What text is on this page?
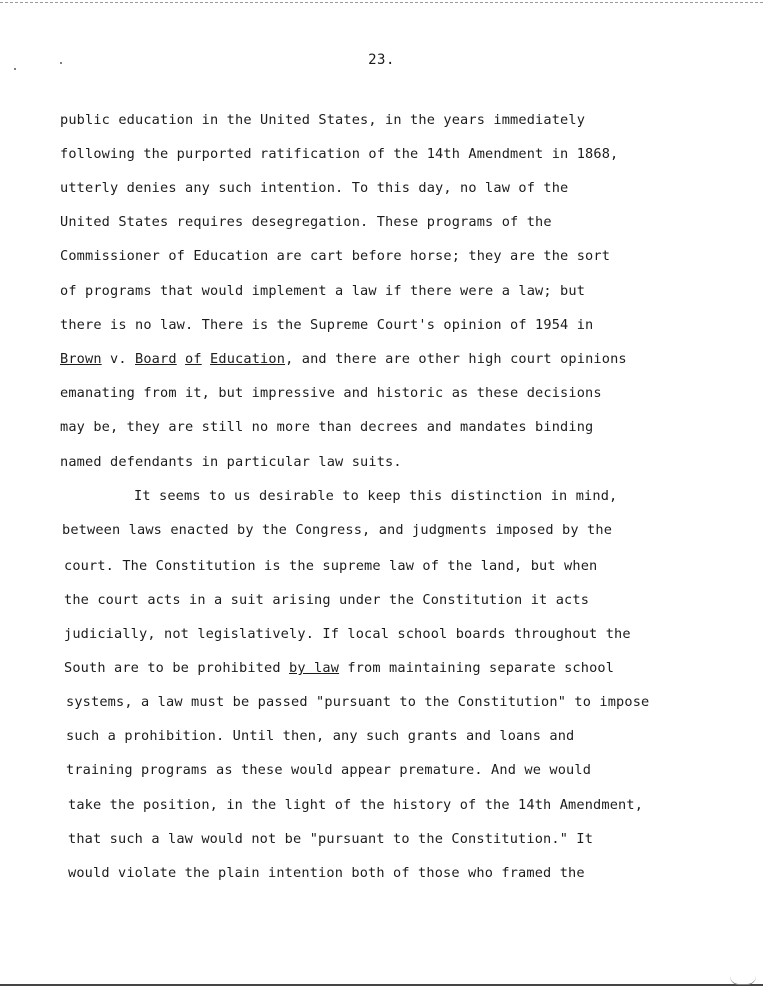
23.
public education in the United States, in the years immediately
following the purported ratification of the 14th Amendment in 1868,
utterly denies any such intention. To this day, no law of the
United States requires desegregation. These programs of the
Commissioner of Education are cart before horse; they are the sort
of programs that would implement a law if there were a law; but
there is no law. There is the Supreme Court's opinion of 1954 in
Brown v. Board of Education, and there are other high court opinions
emanating from it, but impressive and historic as these decisions
may be, they are still no more than decrees and mandates binding
named defendants in particular law suits.
It seems to us desirable to keep this distinction in mind,
between laws enacted by the Congress, and judgments imposed by the
court. The Constitution is the supreme law of the land, but when
the court acts in a suit arising under the Constitution it acts
judicially, not legislatively. If local school boards throughout the
South are to be prohibited by law from maintaining separate school
systems, a law must be passed "pursuant to the Constitution" to impose
such a prohibition. Until then, any such grants and loans and
training programs as these would appear premature. And we would
take the position, in the light of the history of the 14th Amendment,
that such a law would not be "pursuant to the Constitution." It
would violate the plain intention both of those who framed the
